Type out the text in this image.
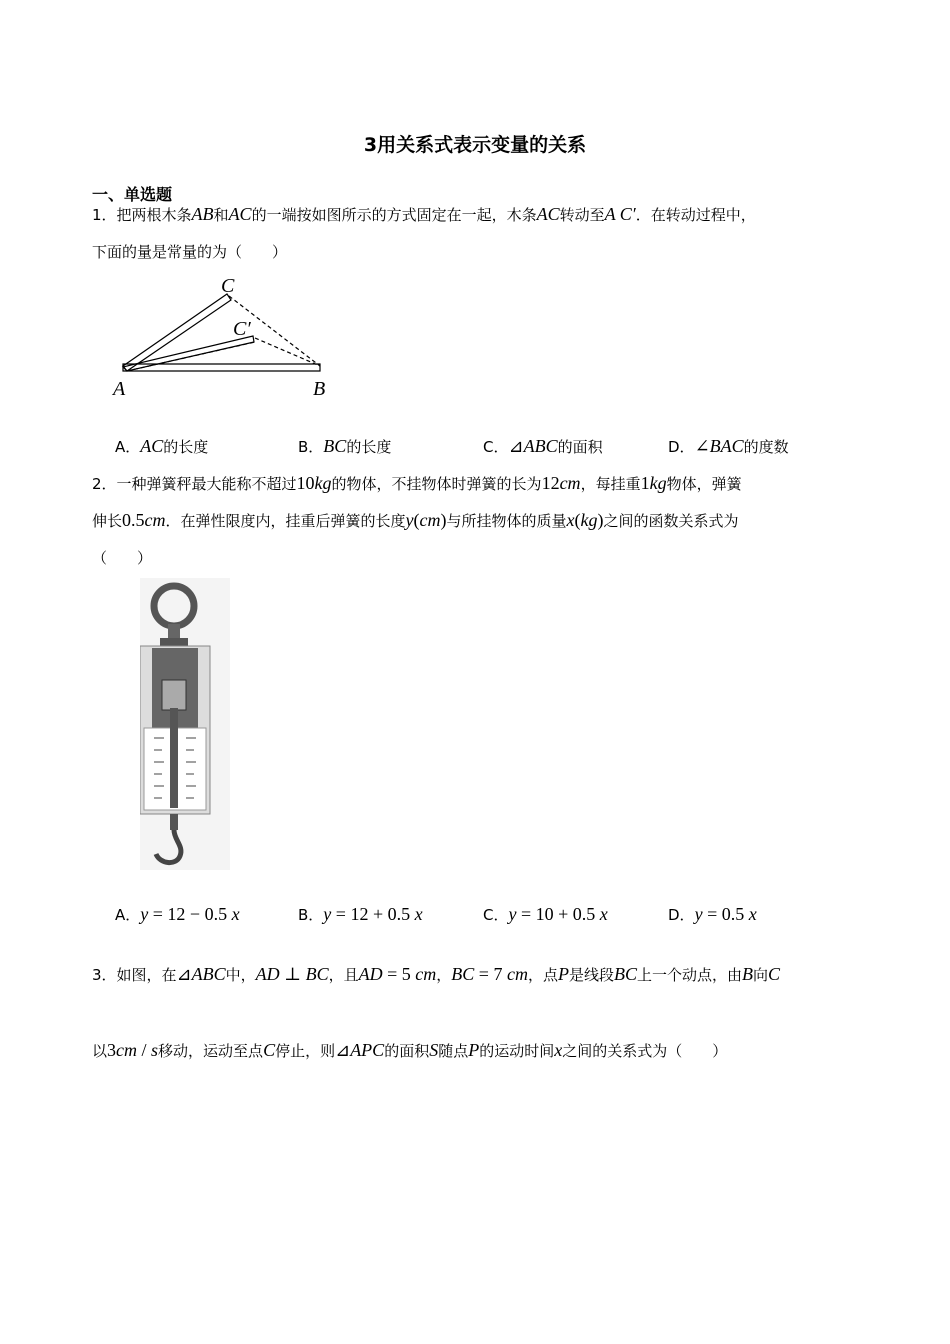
3用关系式表示变量的关系
一、单选题
1．把两根木条AB和AC的一端按如图所示的方式固定在一起，木条AC转动至A C′．在转动过程中，
下面的量是常量的为（　　）
C
C′
A	B
A．AC的长度	B．BC的长度	C．⊿ABC的面积	D．∠BAC的度数
2．一种弹簧秤最大能称不超过10kg的物体，不挂物体时弹簧的长为12cm，每挂重1kg物体，弹簧
伸长0.5cm．在弹性限度内，挂重后弹簧的长度y(cm)与所挂物体的质量x(kg)之间的函数关系式为
（　　）
A．y = 12 − 0.5 x	B．y = 12 + 0.5 x	C．y = 10 + 0.5 x	D．y = 0.5 x
3．如图，在⊿ABC中，AD ⊥ BC，且AD = 5 cm，BC = 7 cm，点P是线段BC上一个动点，由B向C
以3cm / s移动，运动至点C停止，则⊿APC的面积S随点P的运动时间x之间的关系式为（　　）
